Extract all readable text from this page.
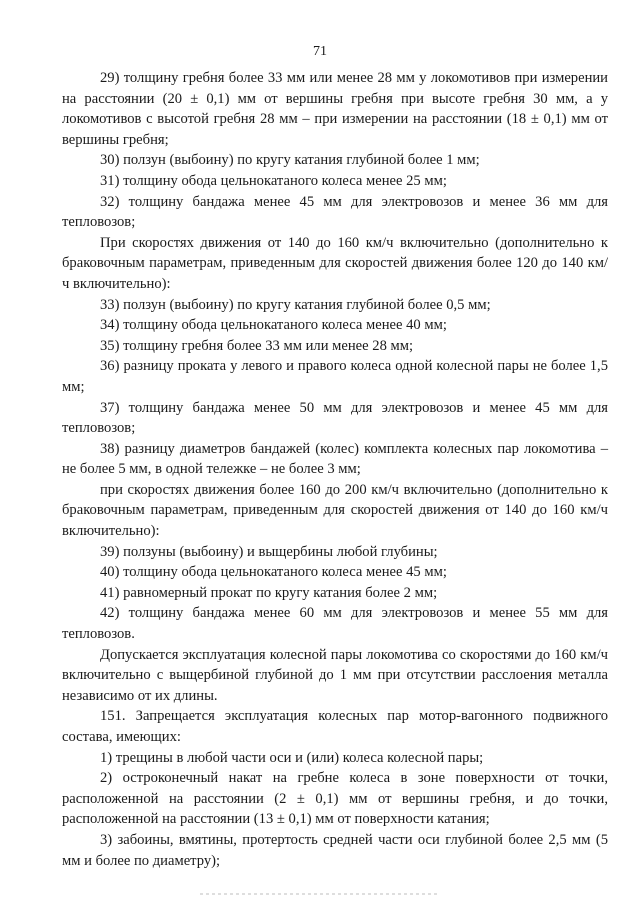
71

29) толщину гребня более 33 мм или менее 28 мм у локомотивов при измерении на расстоянии (20 ± 0,1) мм от вершины гребня при высоте гребня 30 мм, а у локомотивов с высотой гребня 28 мм – при измерении на расстоянии (18 ± 0,1) мм от вершины гребня;

30) ползун (выбоину) по кругу катания глубиной более 1 мм;

31) толщину обода цельнокатаного колеса менее 25 мм;

32) толщину бандажа менее 45 мм для электровозов и менее 36 мм для тепловозов;

При скоростях движения от 140 до 160 км/ч включительно (дополнительно к браковочным параметрам, приведенным для скоростей движения более 120 до 140 км/ч включительно):

33) ползун (выбоину) по кругу катания глубиной более 0,5 мм;

34) толщину обода цельнокатаного колеса менее 40 мм;

35) толщину гребня более 33 мм или менее 28 мм;

36) разницу проката у левого и правого колеса одной колесной пары не более 1,5 мм;

37) толщину бандажа менее 50 мм для электровозов и менее 45 мм для тепловозов;

38) разницу диаметров бандажей (колес) комплекта колесных пар локомотива – не более 5 мм, в одной тележке – не более 3 мм;

при скоростях движения более 160 до 200 км/ч включительно (дополнительно к браковочным параметрам, приведенным для скоростей движения от 140 до 160 км/ч включительно):

39) ползуны (выбоину) и выщербины любой глубины;

40) толщину обода цельнокатаного колеса менее 45 мм;

41) равномерный прокат по кругу катания более 2 мм;

42) толщину бандажа менее 60 мм для электровозов и менее 55 мм для тепловозов.

Допускается эксплуатация колесной пары локомотива со скоростями до 160 км/ч включительно с выщербиной глубиной до 1 мм при отсутствии расслоения металла независимо от их длины.

151. Запрещается эксплуатация колесных пар мотор-вагонного подвижного состава, имеющих:

1) трещины в любой части оси и (или) колеса колесной пары;

2) остроконечный накат на гребне колеса в зоне поверхности от точки, расположенной на расстоянии (2 ± 0,1) мм от вершины гребня, и до точки, расположенной на расстоянии (13 ± 0,1) мм от поверхности катания;

3) забоины, вмятины, протертость средней части оси глубиной более 2,5 мм (5 мм и более по диаметру);
